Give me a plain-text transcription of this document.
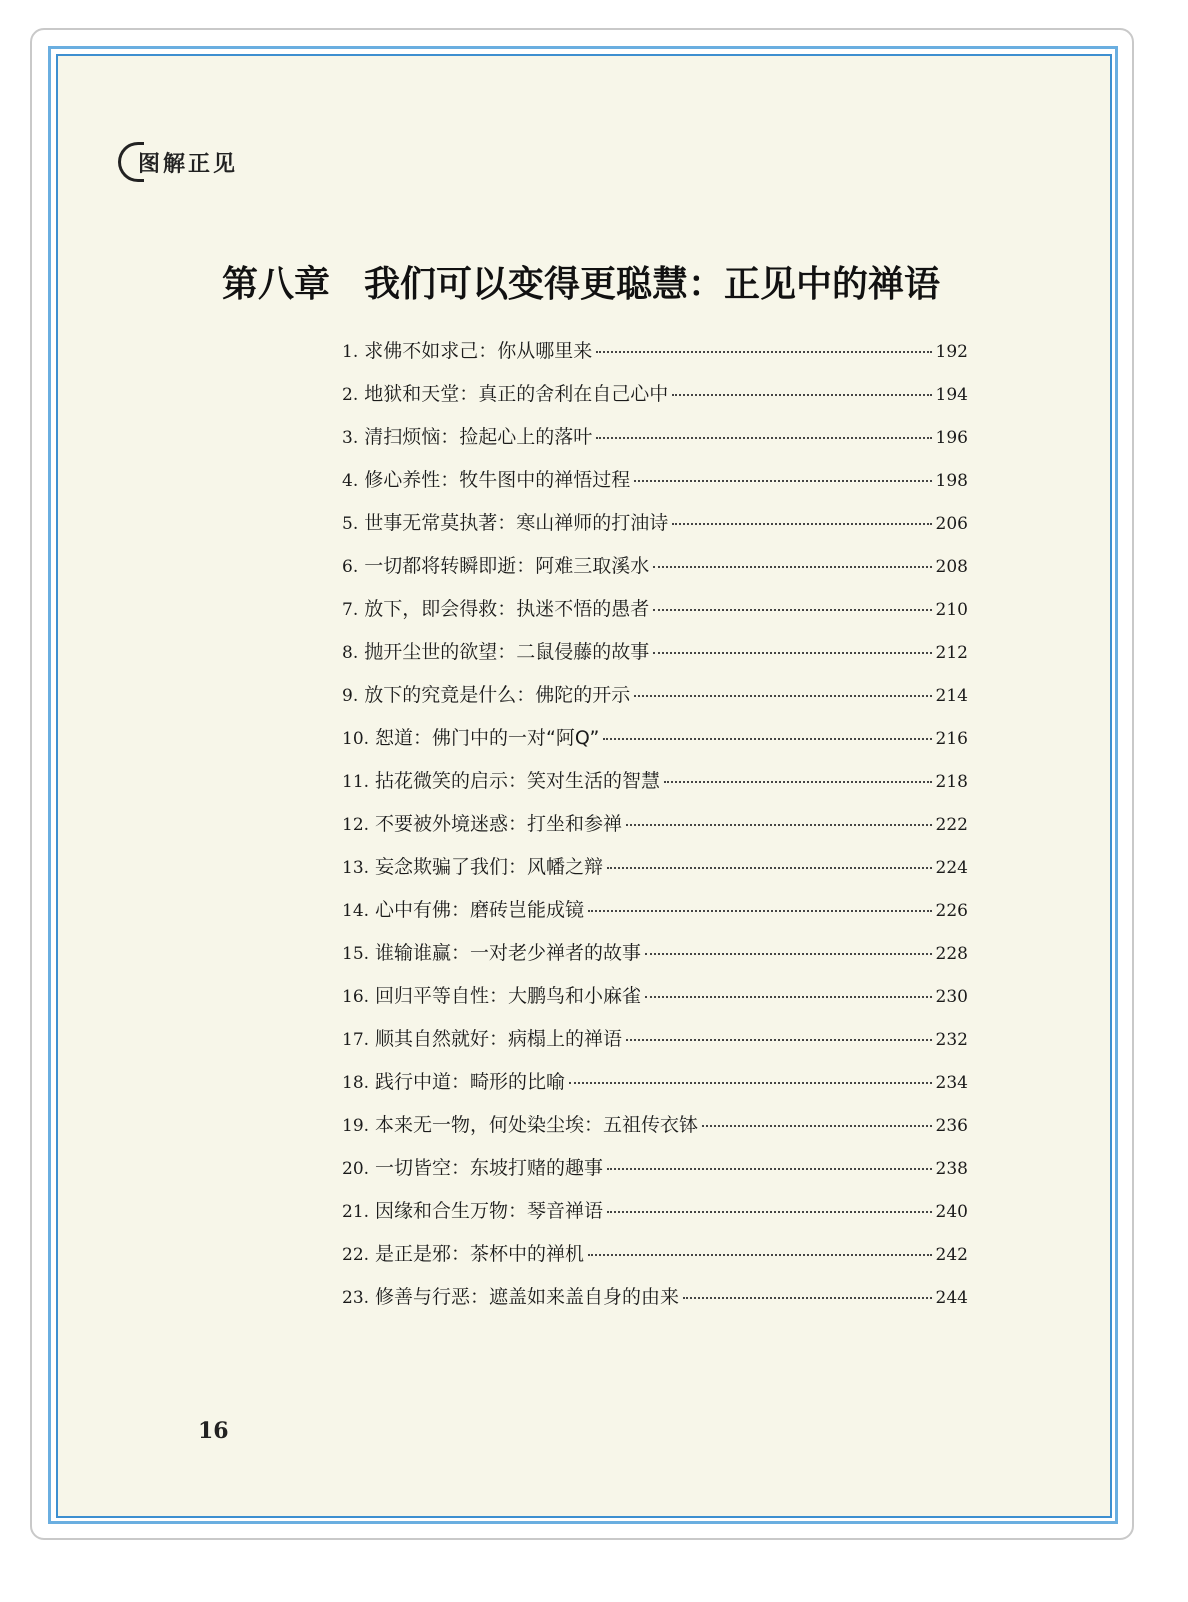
图解正见
第八章 我们可以变得更聪慧：正见中的禅语
1. 求佛不如求己：你从哪里来	192
2. 地狱和天堂：真正的舍利在自己心中	194
3. 清扫烦恼：捡起心上的落叶	196
4. 修心养性：牧牛图中的禅悟过程	198
5. 世事无常莫执著：寒山禅师的打油诗	206
6. 一切都将转瞬即逝：阿难三取溪水	208
7. 放下，即会得救：执迷不悟的愚者	210
8. 抛开尘世的欲望：二鼠侵藤的故事	212
9. 放下的究竟是什么：佛陀的开示	214
10. 恕道：佛门中的一对“阿Q”	216
11. 拈花微笑的启示：笑对生活的智慧	218
12. 不要被外境迷惑：打坐和参禅	222
13. 妄念欺骗了我们：风幡之辩	224
14. 心中有佛：磨砖岂能成镜	226
15. 谁输谁赢：一对老少禅者的故事	228
16. 回归平等自性：大鹏鸟和小麻雀	230
17. 顺其自然就好：病榻上的禅语	232
18. 践行中道：畸形的比喻	234
19. 本来无一物，何处染尘埃：五祖传衣钵	236
20. 一切皆空：东坡打赌的趣事	238
21. 因缘和合生万物：琴音禅语	240
22. 是正是邪：茶杯中的禅机	242
23. 修善与行恶：遮盖如来盖自身的由来	244
16
